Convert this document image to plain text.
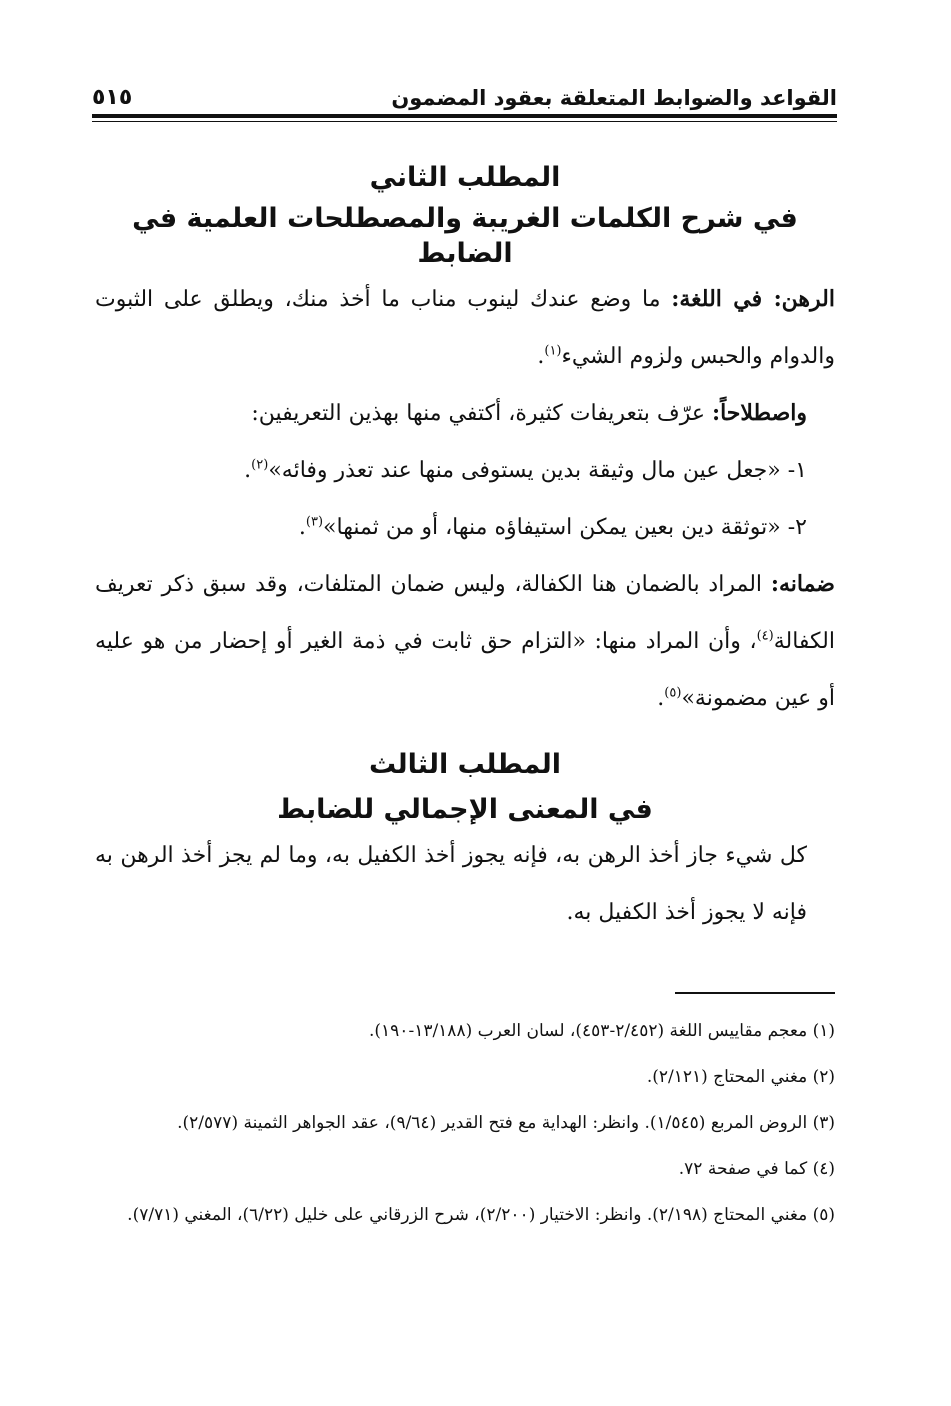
القواعد والضوابط المتعلقة بعقود المضمون
٥١٥
المطلب الثاني
في شرح الكلمات الغريبة والمصطلحات العلمية في الضابط

الرهن: في اللغة: ما وضع عندك لينوب مناب ما أخذ منك، ويطلق على الثبوت والدوام والحبس ولزوم الشيء$^{(١)}$.

واصطلاحاً: عرّف بتعريفات كثيرة، أكتفي منها بهذين التعريفين:

١- «جعل عين مال وثيقة بدين يستوفى منها عند تعذر وفائه»$^{(٢)}$.

٢- «توثقة دين بعين يمكن استيفاؤه منها، أو من ثمنها»$^{(٣)}$.

ضمانه: المراد بالضمان هنا الكفالة، وليس ضمان المتلفات، وقد سبق ذكر تعريف الكفالة$^{(٤)}$، وأن المراد منها: «التزام حق ثابت في ذمة الغير أو إحضار من هو عليه أو عين مضمونة»$^{(٥)}$.

المطلب الثالث
في المعنى الإجمالي للضابط

كل شيء جاز أخذ الرهن به، فإنه يجوز أخذ الكفيل به، وما لم يجز أخذ الرهن به فإنه لا يجوز أخذ الكفيل به.

(١) معجم مقاييس اللغة (٢/٤٥٢-٤٥٣)، لسان العرب (١٣/١٨٨-١٩٠).

(٢) مغني المحتاج (٢/١٢١).

(٣) الروض المربع (١/٥٤٥). وانظر: الهداية مع فتح القدير (٩/٦٤)، عقد الجواهر الثمينة (٢/٥٧٧).

(٤) كما في صفحة ٧٢.

(٥) مغني المحتاج (٢/١٩٨). وانظر: الاختيار (٢/٢٠٠)، شرح الزرقاني على خليل (٦/٢٢)، المغني (٧/٧١).
